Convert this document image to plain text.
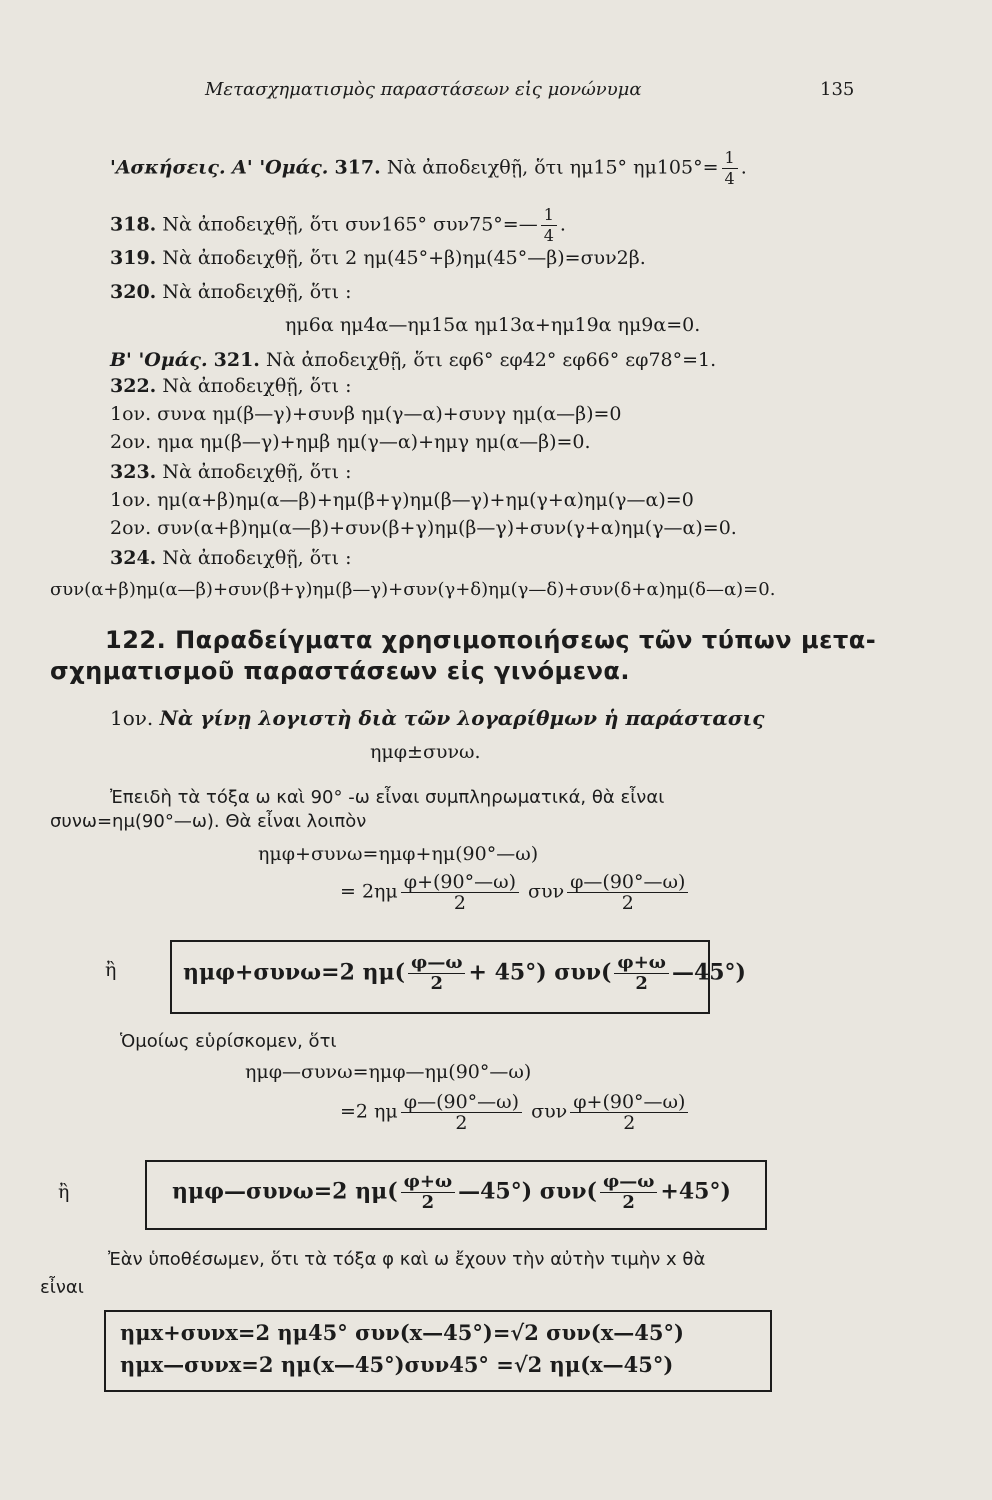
Μετασχηματισμὸς παραστάσεων εἰς μονώνυμα	135
'Ασκήσεις. Α' 'Ομάς. 317. Νὰ ἀποδειχθῇ, ὅτι ημ15° $\eta\mu 105^\circ= \frac{1}{4}$ .
318. Νὰ ἀποδειχθῇ, ὅτι συν165° συν75°=— $\frac{1}{4}$ .
319. Νὰ ἀποδειχθῇ, ὅτι 2 ημ(45°+β)ημ(45°—β)=συν2β.
320. Νὰ ἀποδειχθῇ, ὅτι :
ημ6α ημ4α—ημ15α ημ13α+ημ19α ημ9α=0.
Β' 'Ομάς. 321. Νὰ ἀποδειχθῇ, ὅτι εφ6° εφ42° εφ66° εφ78°=1.
322. Νὰ ἀποδειχθῇ, ὅτι :
1ον. συνα ημ(β—γ)+συνβ ημ(γ—α)+συνγ ημ(α—β)=0
2ον. ημα ημ(β—γ)+ημβ ημ(γ—α)+ημγ ημ(α—β)=0.
323. Νὰ ἀποδειχθῇ, ὅτι :
1ον. ημ(α+β)ημ(α—β)+ημ(β+γ)ημ(β—γ)+ημ(γ+α)ημ(γ—α)=0
2ον. συν(α+β)ημ(α—β)+συν(β+γ)ημ(β—γ)+συν(γ+α)ημ(γ—α)=0.
324. Νὰ ἀποδειχθῇ, ὅτι :
συν(α+β)ημ(α—β)+συν(β+γ)ημ(β—γ)+συν(γ+δ)ημ(γ—δ)+συν(δ+α)ημ(δ—α)=0.
122. Παραδείγματα χρησιμοποιήσεως τῶν τύπων μετα-
σχηματισμοῦ παραστάσεων εἰς γινόμενα.
1ον. Νὰ γίνῃ λογιστὴ διὰ τῶν λογαρίθμων ἡ παράστασις
ημφ±συνω.
Ἐπειδὴ τὰ τόξα ω καὶ 90° -ω εἶναι συμπληρωματικά, θὰ εἶναι
συνω=ημ(90°—ω). Θὰ εἶναι λοιπὸν
ημφ+συνω=ημφ+ημ(90°—ω)
= $2\eta\mu \frac{\varphi+(90^\circ—\omega)}{2}$ συν $\frac{\varphi—(90^\circ—\omega)}{2}$
ἢ	ημφ+συνω=2 $\eta\mu( \frac{\varphi—\omega}{2} + 45^\circ)$ $\sigma\upsilon\nu( \frac{\varphi+\omega}{2}$ —45°)
Ὁμοίως εὑρίσκομεν, ὅτι
ημφ—συνω=ημφ—ημ(90°—ω)
=2 ημ $\frac{\varphi—(90^\circ—\omega)}{2}$ συν $\frac{\varphi+(90^\circ—\omega)}{2}$
ἢ	ημφ—συνω=2 $\eta\mu( \frac{\varphi+\omega}{2}$ —45°) $\sigma\upsilon\nu( \frac{\varphi—\omega}{2} +45^\circ)$
Ἐὰν ὑποθέσωμεν, ὅτι τὰ τόξα φ καὶ ω ἔχουν τὴν αὐτὴν τιμὴν x θὰ
εἶναι
ημx+συνx=2 ημ45° συν(x—45°)=√2 συν(x—45°)
ημx—συνx=2 ημ(x—45°)συν45° =√2 ημ(x—45°)
